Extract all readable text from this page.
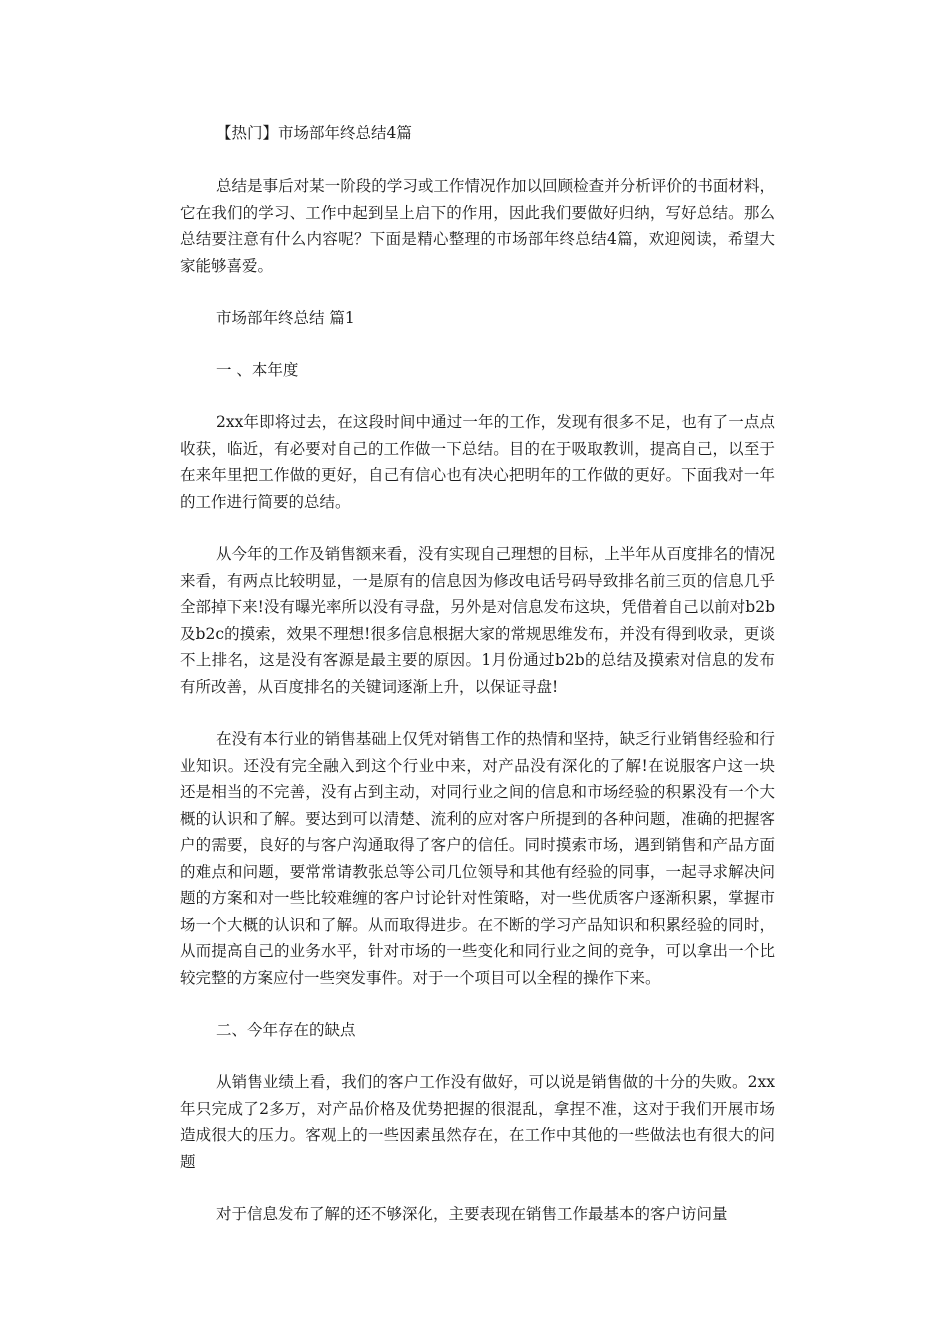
【热门】市场部年终总结4篇

总结是事后对某一阶段的学习或工作情况作加以回顾检查并分析评价的书面材料，它在我们的学习、工作中起到呈上启下的作用，因此我们要做好归纳，写好总结。那么总结要注意有什么内容呢？下面是精心整理的市场部年终总结4篇，欢迎阅读，希望大家能够喜爱。

市场部年终总结 篇1
一 、本年度

2xx年即将过去，在这段时间中通过一年的工作，发现有很多不足，也有了一点点收获，临近，有必要对自己的工作做一下总结。目的在于吸取教训，提高自己，以至于在来年里把工作做的更好，自己有信心也有决心把明年的工作做的更好。下面我对一年的工作进行简要的总结。

从今年的工作及销售额来看，没有实现自己理想的目标，上半年从百度排名的情况来看，有两点比较明显，一是原有的信息因为修改电话号码导致排名前三页的信息几乎全部掉下来!没有曝光率所以没有寻盘，另外是对信息发布这块，凭借着自己以前对b2b及b2c的摸索，效果不理想!很多信息根据大家的常规思维发布，并没有得到收录，更谈不上排名，这是没有客源是最主要的原因。1月份通过b2b的总结及摸索对信息的发布有所改善，从百度排名的关键词逐渐上升，以保证寻盘!

在没有本行业的销售基础上仅凭对销售工作的热情和坚持，缺乏行业销售经验和行业知识。还没有完全融入到这个行业中来，对产品没有深化的了解!在说服客户这一块还是相当的不完善，没有占到主动，对同行业之间的信息和市场经验的积累没有一个大概的认识和了解。要达到可以清楚、流利的应对客户所提到的各种问题，准确的把握客户的需要，良好的与客户沟通取得了客户的信任。同时摸索市场，遇到销售和产品方面的难点和问题，要常常请教张总等公司几位领导和其他有经验的同事，一起寻求解决问题的方案和对一些比较难缠的客户讨论针对性策略，对一些优质客户逐渐积累，掌握市场一个大概的认识和了解。从而取得进步。在不断的学习产品知识和积累经验的同时，从而提高自己的业务水平，针对市场的一些变化和同行业之间的竞争，可以拿出一个比较完整的方案应付一些突发事件。对于一个项目可以全程的操作下来。

二、今年存在的缺点

从销售业绩上看，我们的客户工作没有做好，可以说是销售做的十分的失败。2xx年只完成了2多万，对产品价格及优势把握的很混乱，拿捏不准，这对于我们开展市场造成很大的压力。客观上的一些因素虽然存在，在工作中其他的一些做法也有很大的问题

对于信息发布了解的还不够深化，主要表现在销售工作最基本的客户访问量
